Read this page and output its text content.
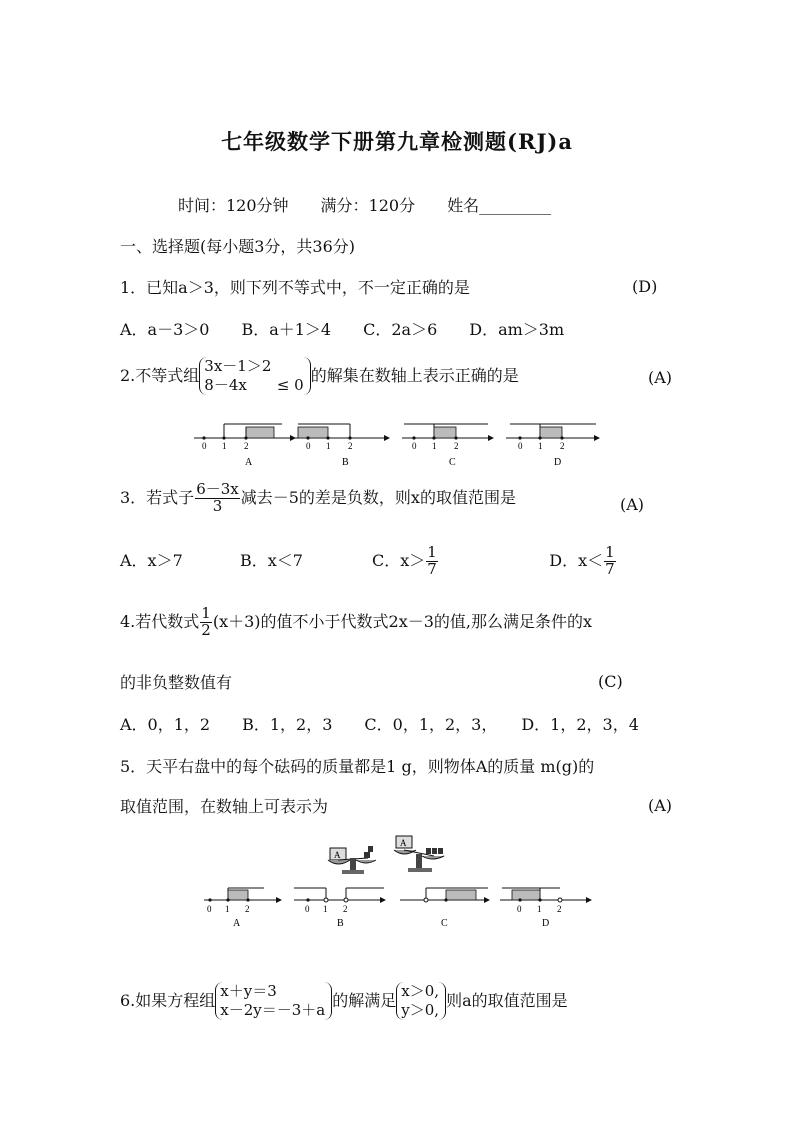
七年级数学下册第九章检测题(RJ)a
时间：120分钟　　满分：120分　　姓名_________
一、选择题(每小题3分，共36分)
1．已知a＞3，则下列不等式中，不一定正确的是	(D)
A．a－3＞0　　B．a＋1＞4　　C．2a＞6　　D．am＞3m
2.不等式组 3x－1＞2
8－4x　　≤ 0 的解集在数轴上表示正确的是	(A)
0 1 2
A
0 1 2
B
0 1 2
C
0 1 2
D
3．若式子 $\frac{6-3x}{3}$ 减去－5的差是负数，则x的取值范围是	(A)
A．x＞7	B．x＜7	C．$x> \frac{1}{7}$ D．$x< \frac{1}{7}$
4.若代数式 $\frac{1}{2} (x+3)$的值不小于代数式2x－3的值,那么满足条件的x
的非负整数值有	(C)
A．0，1，2　　B．1，2，3　　C．0，1，2，3，　　D．1，2，3，4
5．天平右盘中的每个砝码的质量都是1 g，则物体A的质量 m(g)的
取值范围，在数轴上可表示为	(A)
A
A
0 1 2
A
0 1 2
B	C
0 1 2
D
6.如果方程组 x＋y＝3
x－2y＝－3＋a 的解满足 x＞0,
y＞0, 则a的取值范围是
